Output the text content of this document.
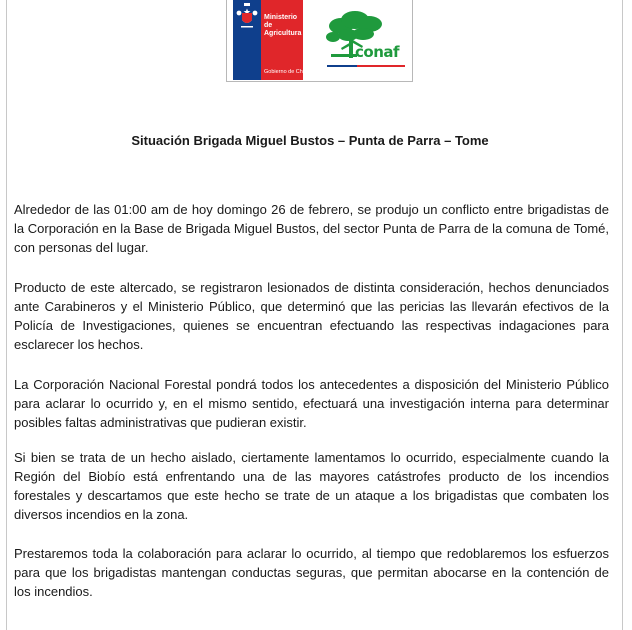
Ministerio de Agricultura
Gobierno de Chile
conaf
Situación Brigada Miguel Bustos – Punta de Parra – Tome

Alrededor de las 01:00 am de hoy domingo 26 de febrero, se produjo un conflicto entre brigadistas de la Corporación en la Base de Brigada Miguel Bustos, del sector Punta de Parra de la comuna de Tomé, con personas del lugar.

Producto de este altercado, se registraron lesionados de distinta consideración, hechos denunciados ante Carabineros y el Ministerio Público, que determinó que las pericias las llevarán efectivos de la Policía de Investigaciones, quienes se encuentran efectuando las respectivas indagaciones para esclarecer los hechos.

La Corporación Nacional Forestal pondrá todos los antecedentes a disposición del Ministerio Público para aclarar lo ocurrido y, en el mismo sentido, efectuará una investigación interna para determinar posibles faltas administrativas que pudieran existir.

Si bien se trata de un hecho aislado, ciertamente lamentamos lo ocurrido, especialmente cuando la Región del Biobío está enfrentando una de las mayores catástrofes producto de los incendios forestales y descartamos que este hecho se trate de un ataque a los brigadistas que combaten los diversos incendios en la zona.

Prestaremos toda la colaboración para aclarar lo ocurrido, al tiempo que redoblaremos los esfuerzos para que los brigadistas mantengan conductas seguras, que permitan abocarse en la contención de los incendios.
